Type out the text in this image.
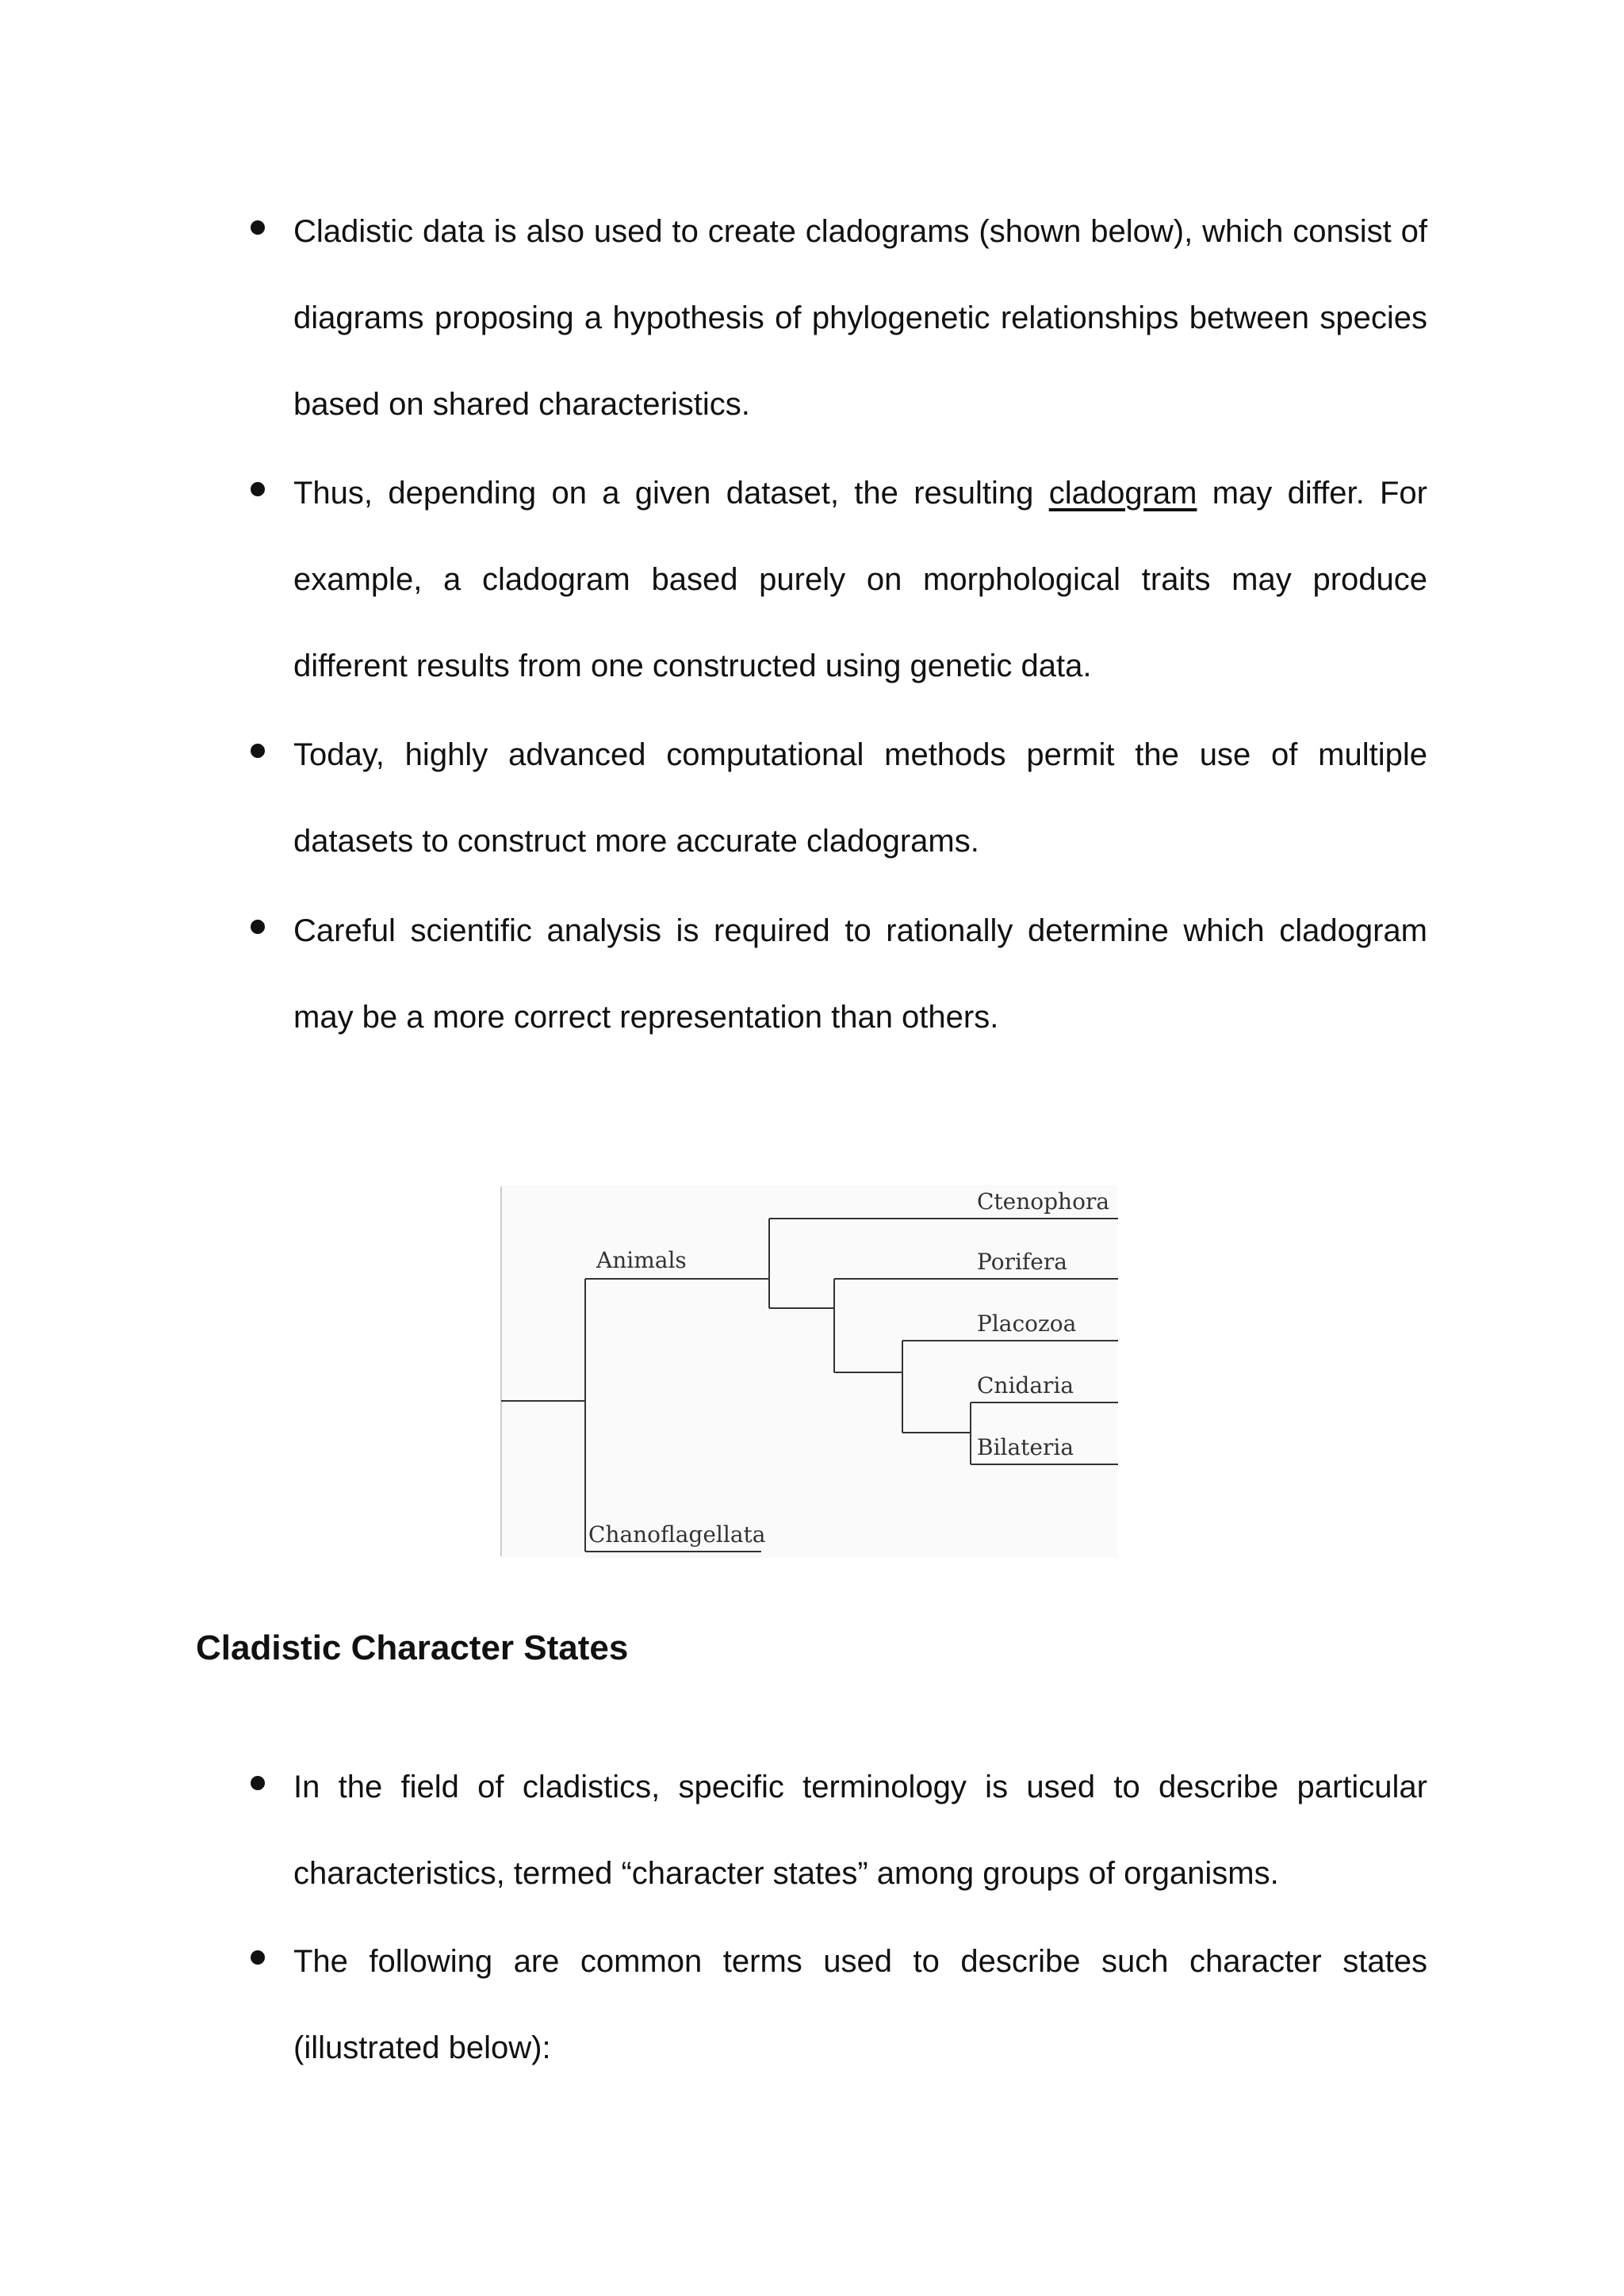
Cladistic data is also used to create cladograms (shown below), which consist of diagrams proposing a hypothesis of phylogenetic relationships between species based on shared characteristics.
Thus, depending on a given dataset, the resulting cladogram may differ. For example, a cladogram based purely on morphological traits may produce different results from one constructed using genetic data.
Today, highly advanced computational methods permit the use of multiple datasets to construct more accurate cladograms.
Careful scientific analysis is required to rationally determine which cladogram may be a more correct representation than others.
Animals
Chanoflagellata
Ctenophora
Porifera
Placozoa
Cnidaria
Bilateria
Cladistic Character States
In the field of cladistics, specific terminology is used to describe particular characteristics, termed “character states” among groups of organisms.
The following are common terms used to describe such character states (illustrated below):
